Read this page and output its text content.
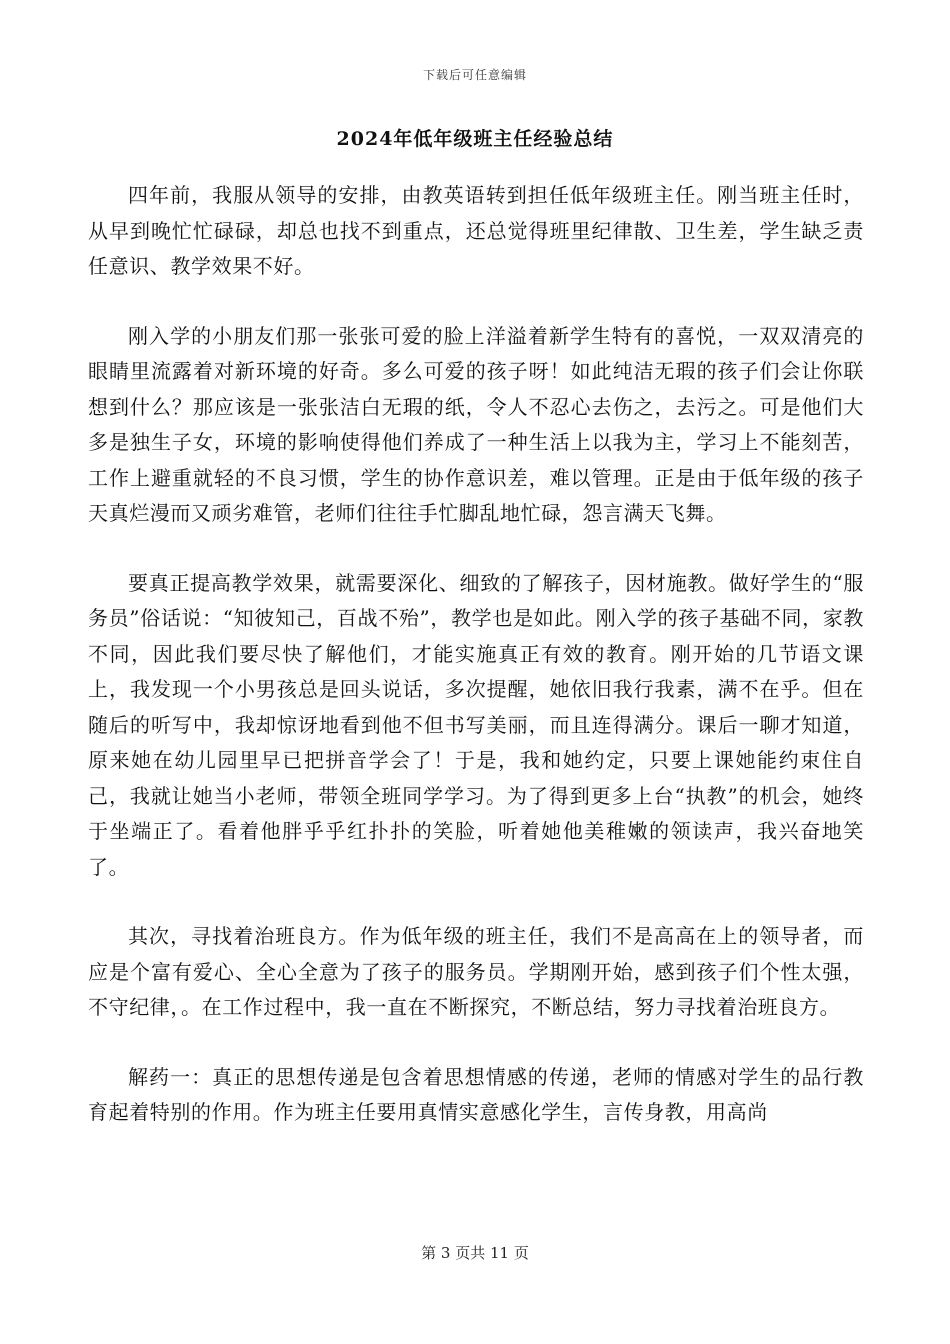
下载后可任意编辑
2024年低年级班主任经验总结

四年前，我服从领导的安排，由教英语转到担任低年级班主任。刚当班主任时，从早到晚忙忙碌碌，却总也找不到重点，还总觉得班里纪律散、卫生差，学生缺乏责任意识、教学效果不好。

刚入学的小朋友们那一张张可爱的脸上洋溢着新学生特有的喜悦，一双双清亮的眼睛里流露着对新环境的好奇。多么可爱的孩子呀！如此纯洁无瑕的孩子们会让你联想到什么？那应该是一张张洁白无瑕的纸，令人不忍心去伤之，去污之。可是他们大多是独生子女，环境的影响使得他们养成了一种生活上以我为主，学习上不能刻苦，工作上避重就轻的不良习惯，学生的协作意识差，难以管理。正是由于低年级的孩子天真烂漫而又顽劣难管，老师们往往手忙脚乱地忙碌，怨言满天飞舞。

要真正提高教学效果，就需要深化、细致的了解孩子，因材施教。做好学生的“服务员”俗话说：“知彼知己，百战不殆”，教学也是如此。刚入学的孩子基础不同，家教不同，因此我们要尽快了解他们，才能实施真正有效的教育。刚开始的几节语文课上，我发现一个小男孩总是回头说话，多次提醒，她依旧我行我素，满不在乎。但在随后的听写中，我却惊讶地看到他不但书写美丽，而且连得满分。课后一聊才知道，原来她在幼儿园里早已把拼音学会了！于是，我和她约定，只要上课她能约束住自己，我就让她当小老师，带领全班同学学习。为了得到更多上台“执教”的机会，她终于坐端正了。看着他胖乎乎红扑扑的笑脸，听着她他美稚嫩的领读声，我兴奋地笑了。

其次，寻找着治班良方。作为低年级的班主任，我们不是高高在上的领导者，而应是个富有爱心、全心全意为了孩子的服务员。学期刚开始，感到孩子们个性太强，不守纪律，。在工作过程中，我一直在不断探究，不断总结，努力寻找着治班良方。

解药一：真正的思想传递是包含着思想情感的传递，老师的情感对学生的品行教育起着特别的作用。作为班主任要用真情实意感化学生，言传身教，用高尚

第 3 页共 11 页
